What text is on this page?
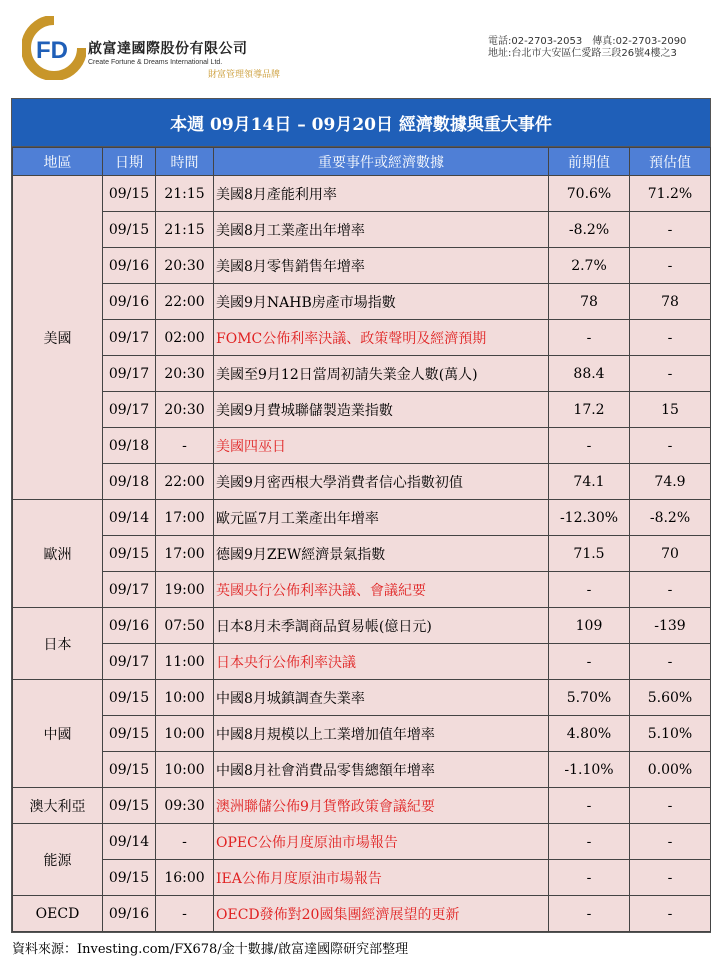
FD 啟富達國際股份有限公司
Create Fortune & Dreams International Ltd.
財富管理領導品牌
電話:02-2703-2053　傳真:02-2703-2090
地址:台北市大安區仁愛路三段26號4樓之3
本週 09月14日 – 09月20日 經濟數據與重大事件
地區	日期	時間	重要事件或經濟數據	前期值	預估值
美國	09/15	21:15	美國8月產能利用率	70.6%	71.2%
	09/15	21:15	美國8月工業產出年增率	-8.2%	-
	09/16	20:30	美國8月零售銷售年增率	2.7%	-
	09/16	22:00	美國9月NAHB房產市場指數	78	78
	09/17	02:00	FOMC公佈利率決議、政策聲明及經濟預期	-	-
	09/17	20:30	美國至9月12日當周初請失業金人數(萬人)	88.4	-
	09/17	20:30	美國9月費城聯儲製造業指數	17.2	15
	09/18	-	美國四巫日	-	-
	09/18	22:00	美國9月密西根大學消費者信心指數初值	74.1	74.9
歐洲	09/14	17:00	歐元區7月工業產出年增率	-12.30%	-8.2%
	09/15	17:00	德國9月ZEW經濟景氣指數	71.5	70
	09/17	19:00	英國央行公佈利率決議、會議紀要	-	-
日本	09/16	07:50	日本8月未季調商品貿易帳(億日元)	109	-139
	09/17	11:00	日本央行公佈利率決議	-	-
中國	09/15	10:00	中國8月城鎮調查失業率	5.70%	5.60%
	09/15	10:00	中國8月規模以上工業增加值年增率	4.80%	5.10%
	09/15	10:00	中國8月社會消費品零售總額年增率	-1.10%	0.00%
澳大利亞	09/15	09:30	澳洲聯儲公佈9月貨幣政策會議紀要	-	-
能源	09/14	-	OPEC公佈月度原油市場報告	-	-
	09/15	16:00	IEA公佈月度原油市場報告	-	-
OECD	09/16	-	OECD發佈對20國集團經濟展望的更新	-	-
資料來源：Investing.com/FX678/金十數據/啟富達國際研究部整理
